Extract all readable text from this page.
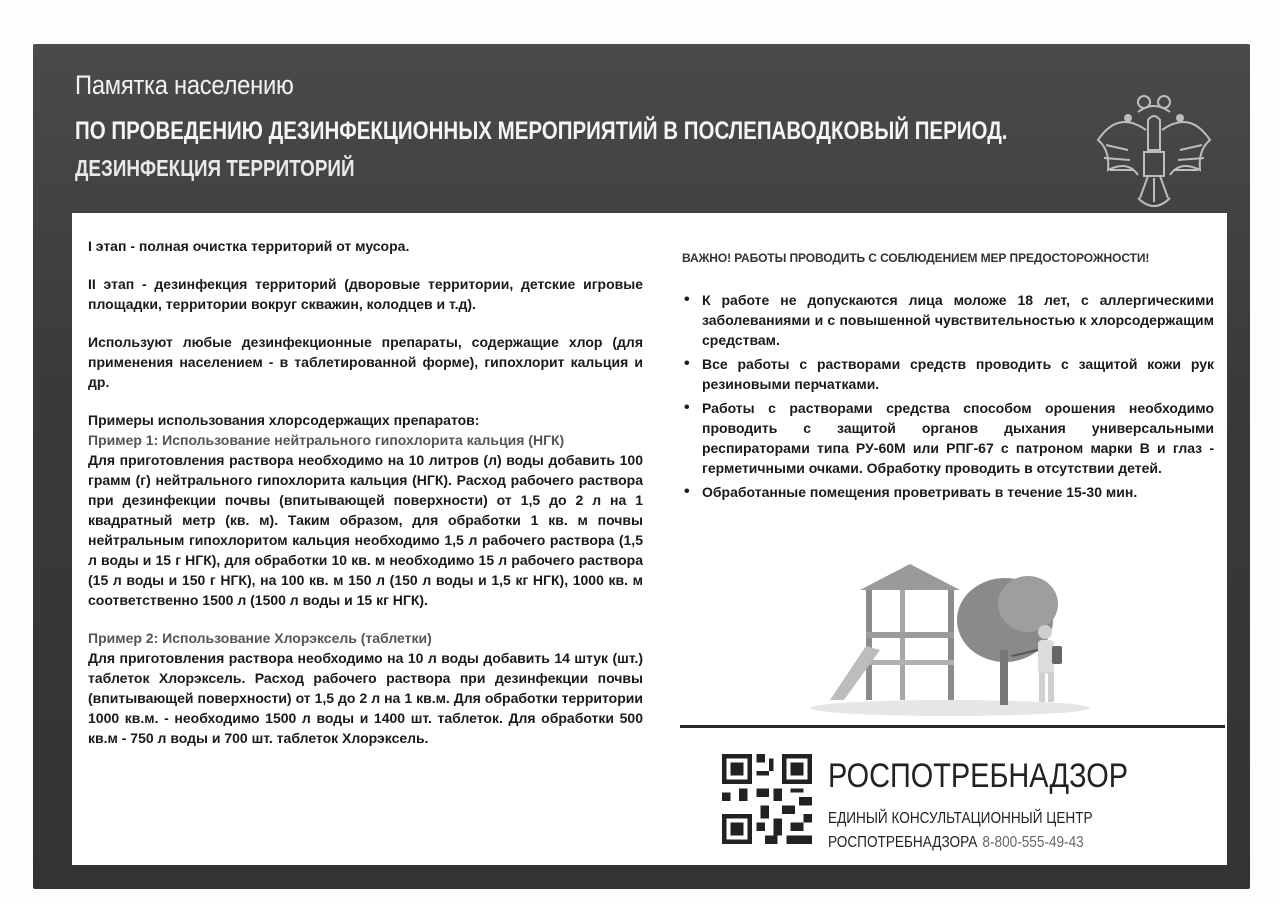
Памятка населению
ПО ПРОВЕДЕНИЮ ДЕЗИНФЕКЦИОННЫХ МЕРОПРИЯТИЙ В ПОСЛЕПАВОДКОВЫЙ ПЕРИОД.
ДЕЗИНФЕКЦИЯ ТЕРРИТОРИЙ

I этап - полная очистка территорий от мусора.

II этап - дезинфекция территорий (дворовые территории, детские игровые площадки, территории вокруг скважин, колодцев и т.д).

Используют любые дезинфекционные препараты, содержащие хлор (для применения населением - в таблетированной форме), гипохлорит кальция и др.

Примеры использования хлорсодержащих препаратов:

Пример 1: Использование нейтрального гипохлорита кальция (НГК)

Для приготовления раствора необходимо на 10 литров (л) воды добавить 100 грамм (г) нейтрального гипохлорита кальция (НГК). Расход рабочего раствора при дезинфекции почвы (впитывающей поверхности) от 1,5 до 2 л на 1 квадратный метр (кв. м). Таким образом, для обработки 1 кв. м почвы нейтральным гипохлоритом кальция необходимо 1,5 л рабочего раствора (1,5 л воды и 15 г НГК), для обработки 10 кв. м необходимо 15 л рабочего раствора (15 л воды и 150 г НГК), на 100 кв. м 150 л (150 л воды и 1,5 кг НГК), 1000 кв. м соответственно 1500 л (1500 л воды и 15 кг НГК).

Пример 2: Использование Хлорэксель (таблетки)

Для приготовления раствора необходимо на 10 л воды добавить 14 штук (шт.) таблеток Хлорэксель. Расход рабочего раствора при дезинфекции почвы (впитывающей поверхности) от 1,5 до 2 л на 1 кв.м. Для обработки территории 1000 кв.м. - необходимо 1500 л воды и 1400 шт. таблеток. Для обработки 500 кв.м - 750 л воды и 700 шт. таблеток Хлорэксель.

ВАЖНО! РАБОТЫ ПРОВОДИТЬ С СОБЛЮДЕНИЕМ МЕР ПРЕДОСТОРОЖНОСТИ!

• К работе не допускаются лица моложе 18 лет, с аллергическими заболеваниями и с повышенной чувствительностью к хлорсодержащим средствам.
• Все работы с растворами средств проводить с защитой кожи рук резиновыми перчатками.
• Работы с растворами средства способом орошения необходимо проводить с защитой органов дыхания универсальными респираторами типа РУ-60М или РПГ-67 с патроном марки В и глаз - герметичными очками. Обработку проводить в отсутствии детей.
• Обработанные помещения проветривать в течение 15-30 мин.
РОСПОТРЕБНАДЗОР
ЕДИНЫЙ КОНСУЛЬТАЦИОННЫЙ ЦЕНТР
РОСПОТРЕБНАДЗОРА 8-800-555-49-43
